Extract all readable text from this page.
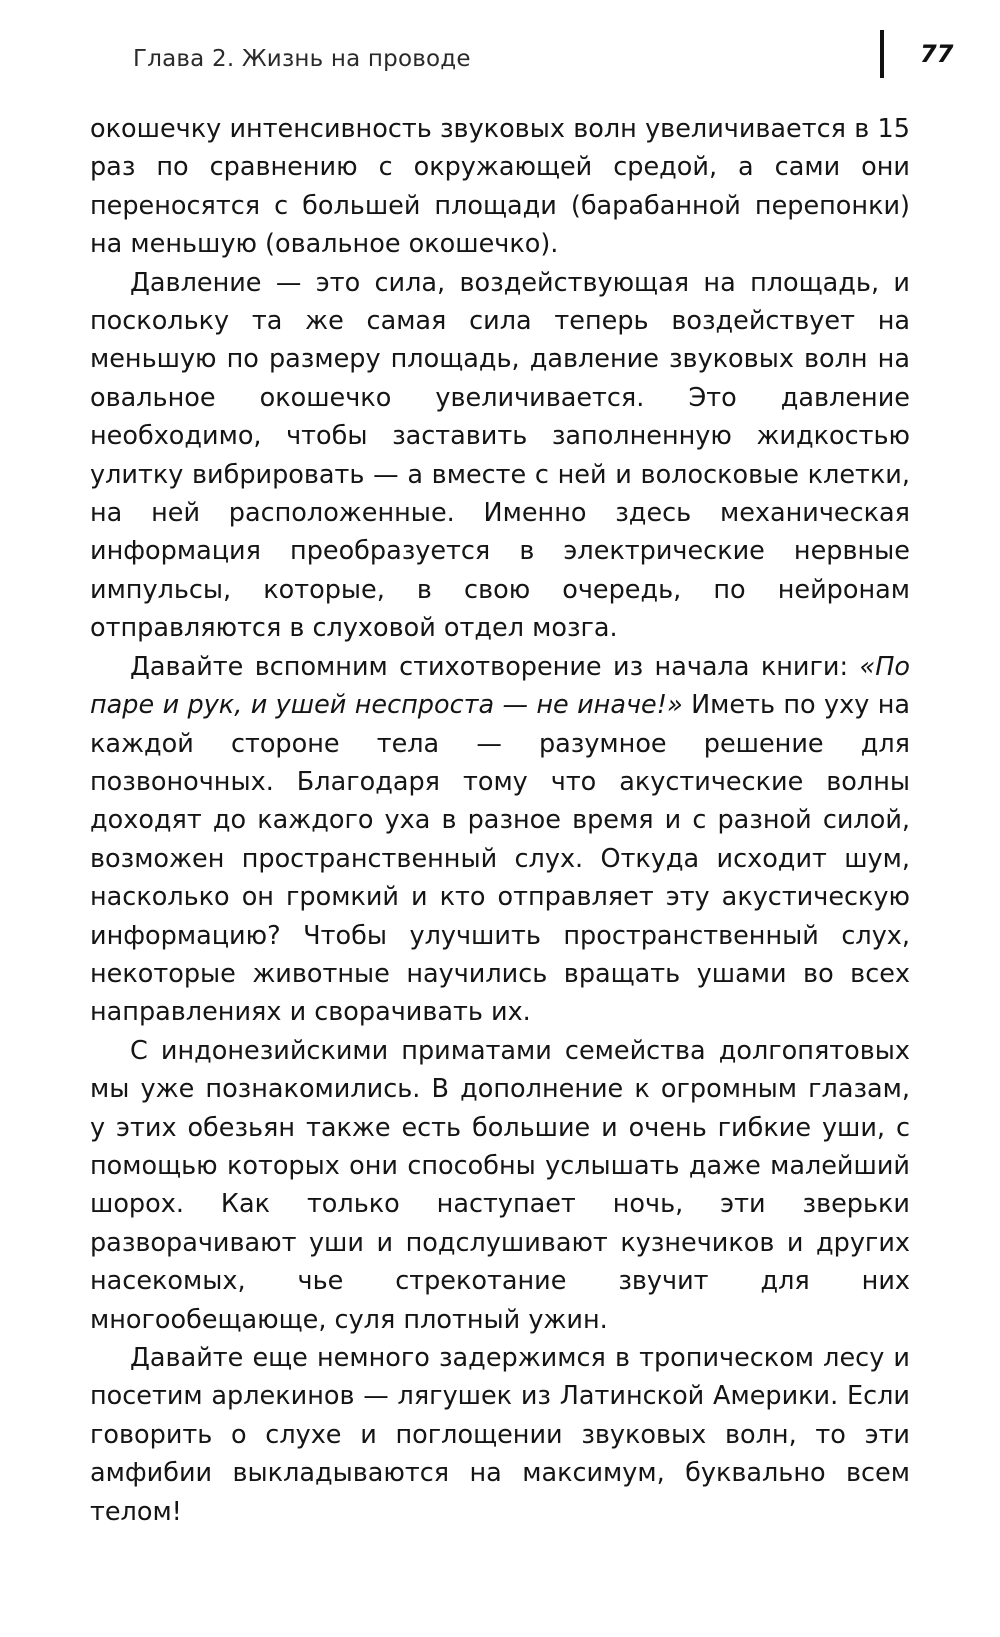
Глава 2. Жизнь на проводе	77

окошечку интенсивность звуковых волн увеличивается в 15 раз по сравнению с окружающей средой, а сами они переносятся с большей площади (барабанной перепонки) на меньшую (овальное окошечко).

Давление — это сила, воздействующая на площадь, и поскольку та же самая сила теперь воздействует на меньшую по размеру площадь, давление звуковых волн на овальное окошечко увеличивается. Это давление необходимо, чтобы заставить заполненную жидкостью улитку вибрировать — а вместе с ней и волосковые клетки, на ней расположенные. Именно здесь механическая информация преобразуется в электрические нервные импульсы, которые, в свою очередь, по нейронам отправляются в слуховой отдел мозга.

Давайте вспомним стихотворение из начала книги: «По паре и рук, и ушей неспроста — не иначе!» Иметь по уху на каждой стороне тела — разумное решение для позвоночных. Благодаря тому что акустические волны доходят до каждого уха в разное время и с разной силой, возможен пространственный слух. Откуда исходит шум, насколько он громкий и кто отправляет эту акустическую информацию? Чтобы улучшить пространственный слух, некоторые животные научились вращать ушами во всех направлениях и сворачивать их.

С индонезийскими приматами семейства долгопятовых мы уже познакомились. В дополнение к огромным глазам, у этих обезьян также есть большие и очень гибкие уши, с помощью которых они способны услышать даже малейший шорох. Как только наступает ночь, эти зверьки разворачивают уши и подслушивают кузнечиков и других насекомых, чье стрекотание звучит для них многообещающе, суля плотный ужин.

Давайте еще немного задержимся в тропическом лесу и посетим арлекинов — лягушек из Латинской Америки. Если говорить о слухе и поглощении звуковых волн, то эти амфибии выкладываются на максимум, буквально всем телом!
